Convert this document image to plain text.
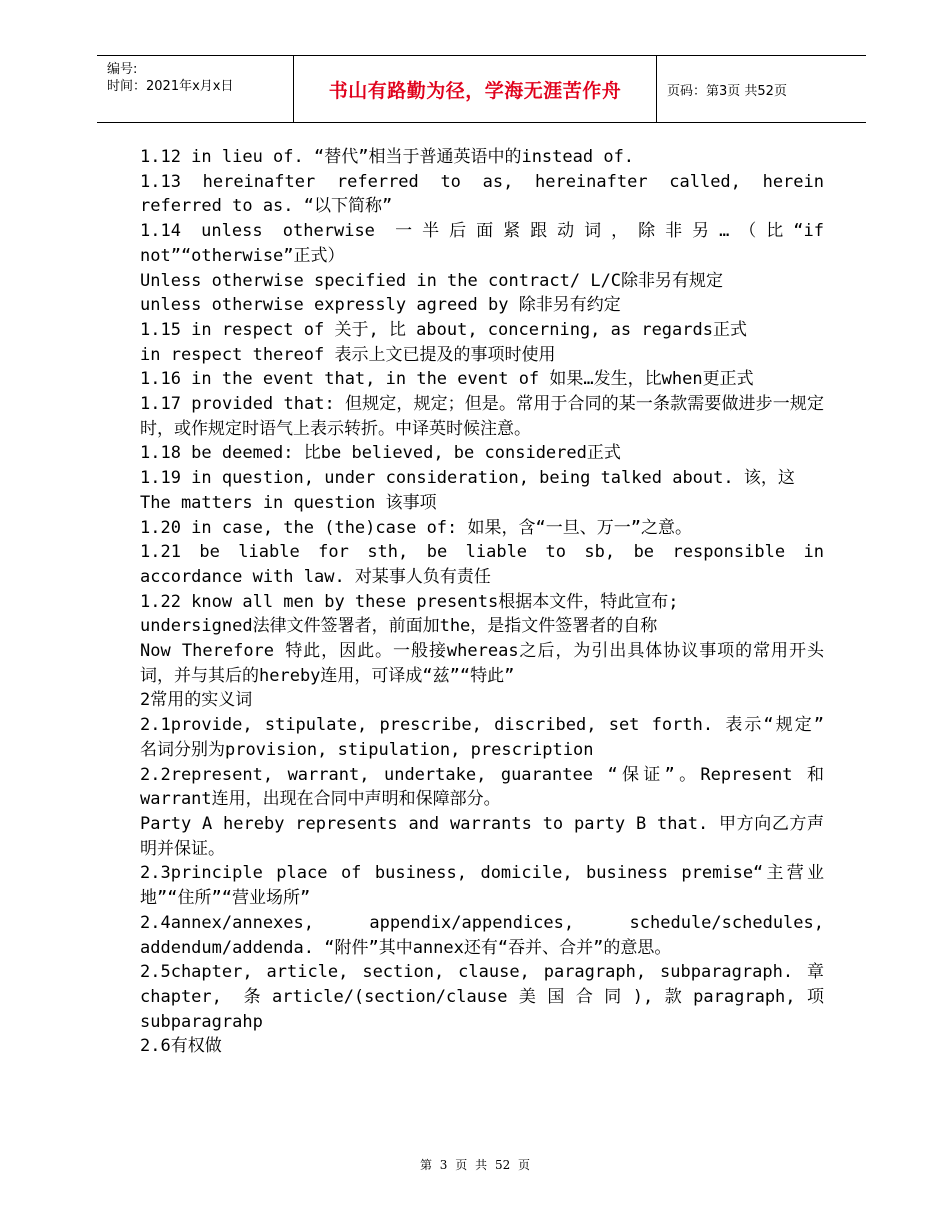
编号:
时间：2021年x月x日	书山有路勤为径，学海无涯苦作舟	页码：第3页 共52页

1.12 in lieu of. “替代”相当于普通英语中的instead of.

1.13 hereinafter referred to as, hereinafter called, herein referred to as. “以下简称”

1.14 unless otherwise 一半后面紧跟动词，除非另…（比“if not”“otherwise”正式）

Unless otherwise specified in the contract/ L/C除非另有规定

unless otherwise expressly agreed by 除非另有约定

1.15 in respect of 关于, 比 about, concerning, as regards正式

in respect thereof 表示上文已提及的事项时使用

1.16 in the event that, in the event of 如果…发生，比when更正式

1.17 provided that: 但规定，规定；但是。常用于合同的某一条款需要做进步一规定时，或作规定时语气上表示转折。中译英时候注意。

1.18 be deemed: 比be believed, be considered正式

1.19 in question, under consideration, being talked about. 该，这

The matters in question 该事项

1.20 in case, the (the)case of: 如果，含“一旦、万一”之意。

1.21 be liable for sth, be liable to sb, be responsible in accordance with law. 对某事人负有责任

1.22 know all men by these presents根据本文件，特此宣布;

undersigned法律文件签署者，前面加the，是指文件签署者的自称

Now Therefore 特此，因此。一般接whereas之后，为引出具体协议事项的常用开头词，并与其后的hereby连用，可译成“兹”“特此”

2常用的实义词

2.1provide, stipulate, prescribe, discribed, set forth. 表示“规定” 名词分别为provision, stipulation, prescription

2.2represent, warrant, undertake, guarantee “保证”。Represent 和warrant连用，出现在合同中声明和保障部分。

Party A hereby represents and warrants to party B that. 甲方向乙方声明并保证。

2.3principle place of business, domicile, business premise“主营业地”“住所”“营业场所”

2.4annex/annexes, appendix/appendices, schedule/schedules, addendum/addenda. “附件”其中annex还有“吞并、合并”的意思。

2.5chapter, article, section, clause, paragraph, subparagraph. 章chapter, 条article/(section/clause美国合同),款paragraph,项subparagrahp

2.6有权做

第 3 页 共 52 页
